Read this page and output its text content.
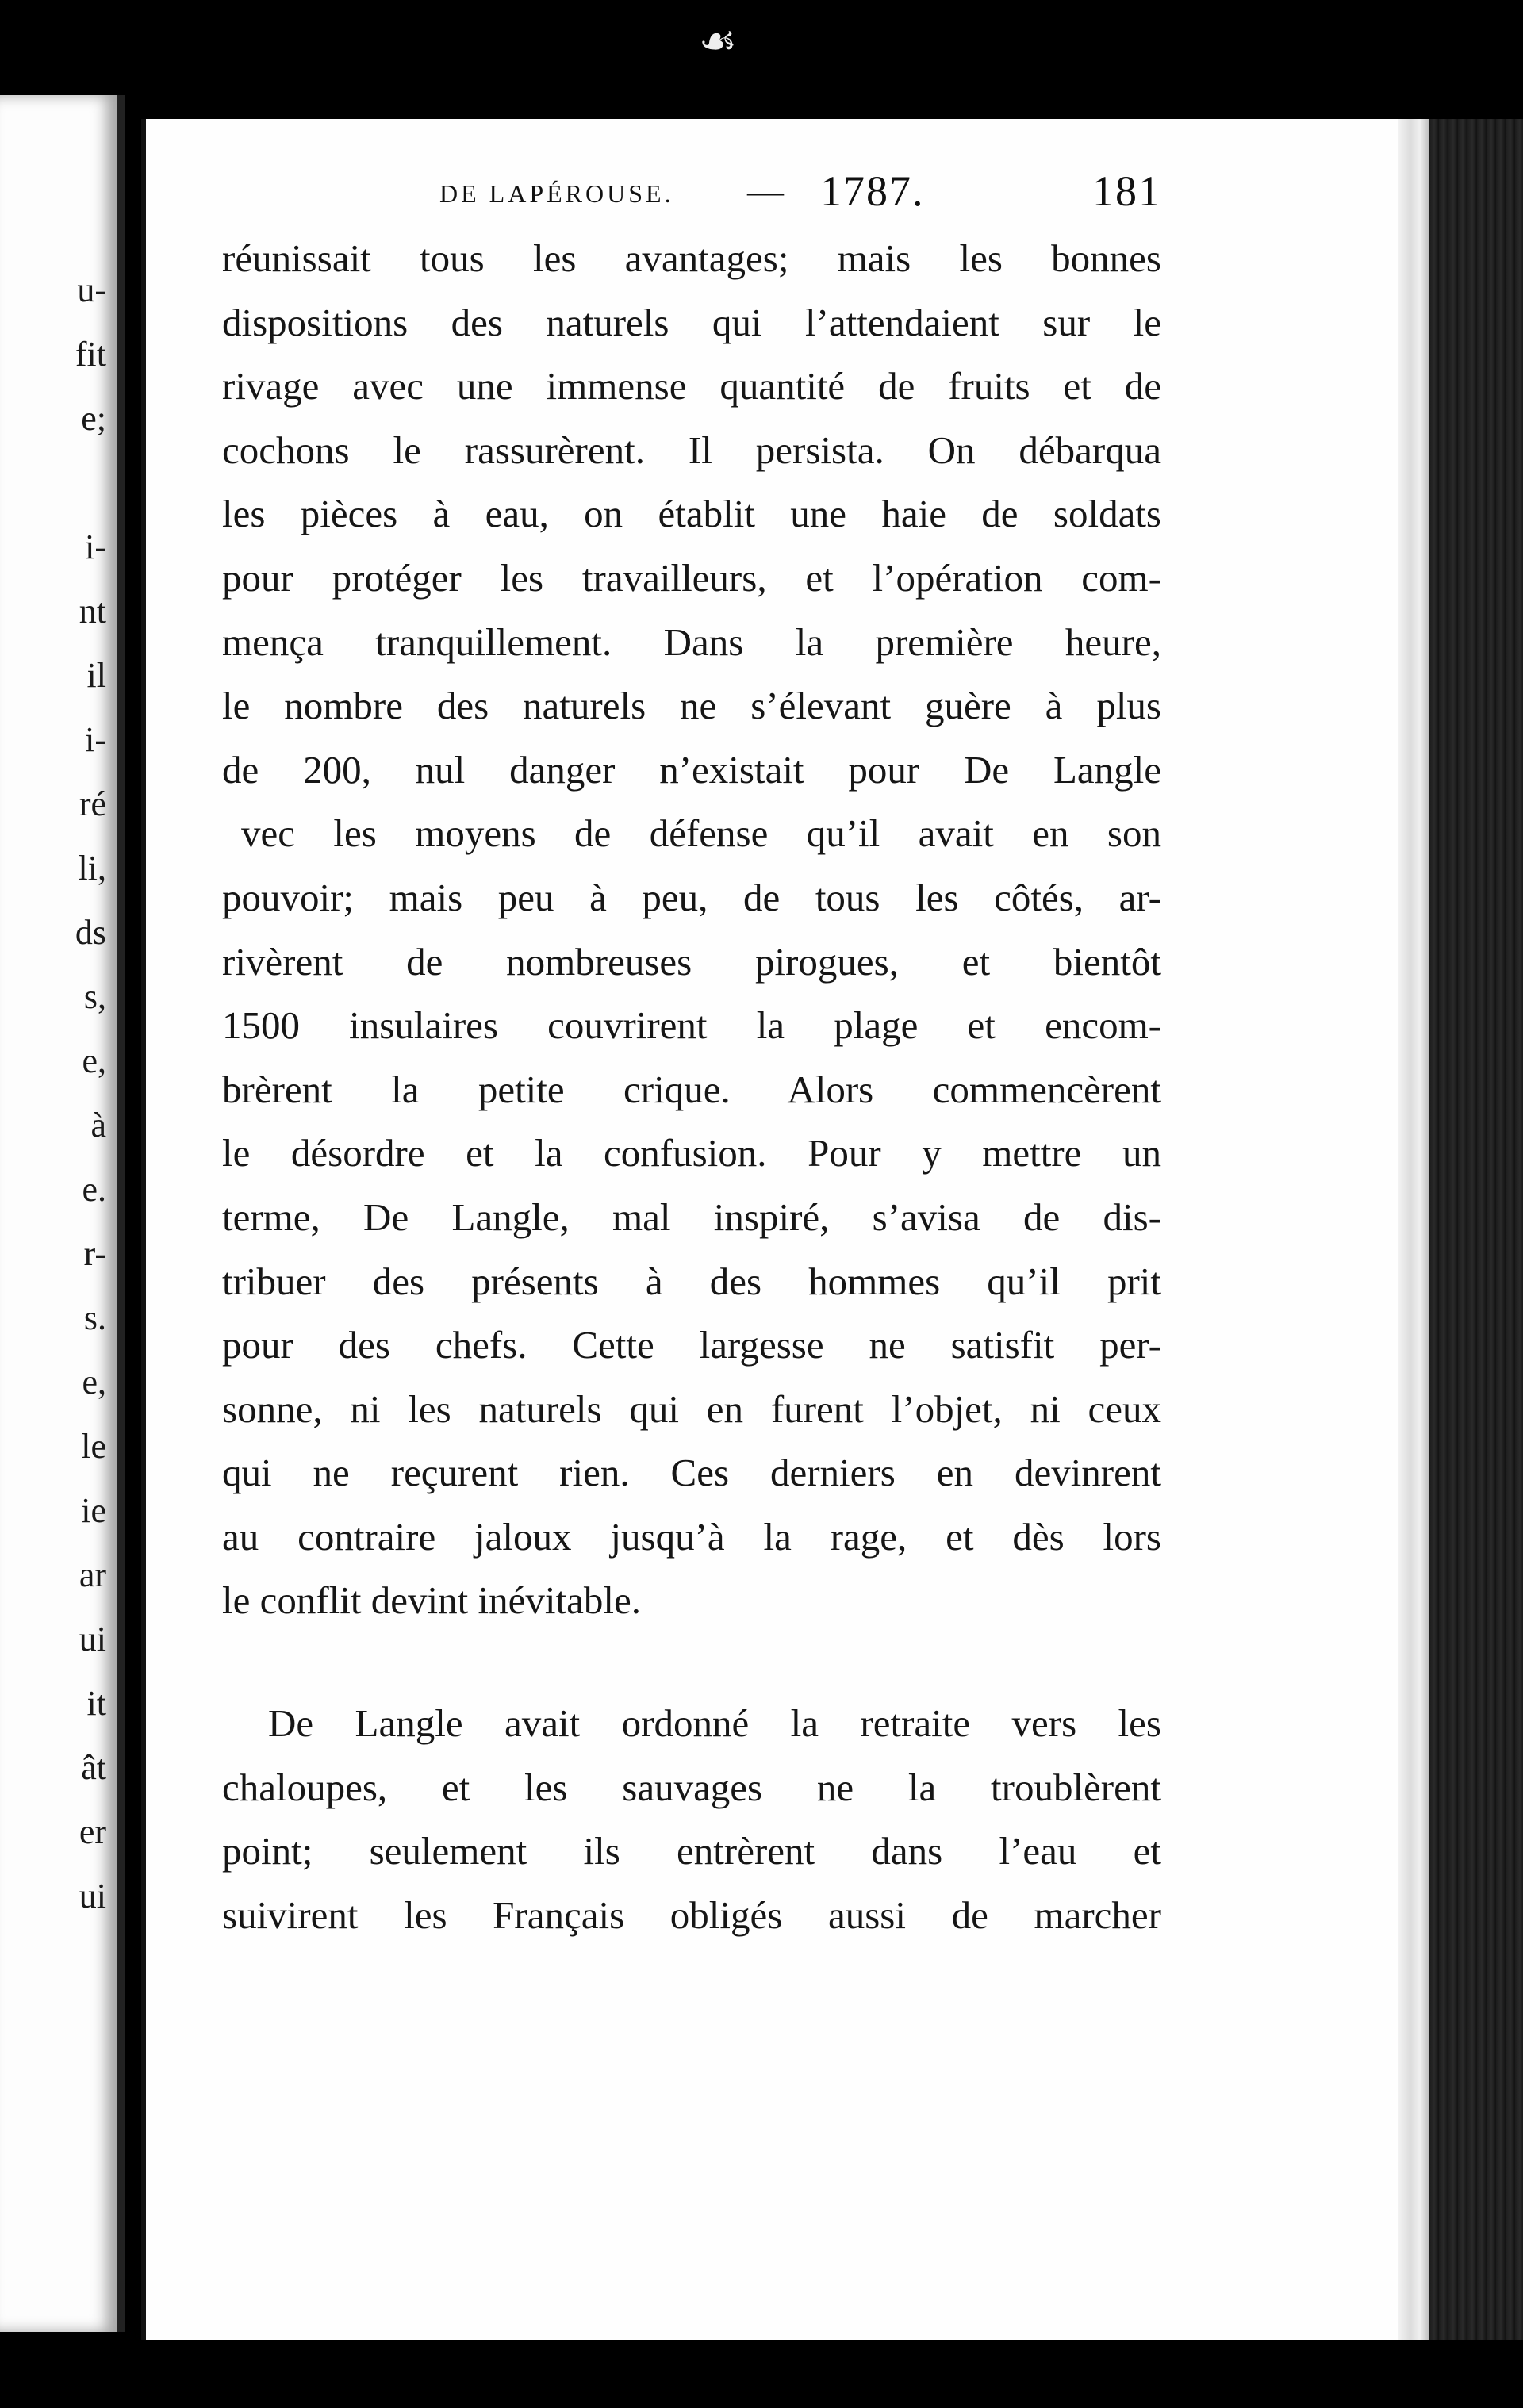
☙
u-
fit
e;
i-
nt
il
i-
ré
li,
ds
s,
e,
à
e.
r-
s.
e,
le
ie
ar
ui
it
ât
er
ui
DE LAPÉROUSE. — 1787.	181
réunissait tous les avantages; mais les bonnes
dispositions des naturels qui l’attendaient sur le
rivage avec une immense quantité de fruits et de
cochons le rassurèrent. Il persista. On débarqua
les pièces à eau, on établit une haie de soldats
pour protéger les travailleurs, et l’opération com-
mença tranquillement. Dans la première heure,
le nombre des naturels ne s’élevant guère à plus
de 200, nul danger n’existait pour De Langle
vec les moyens de défense qu’il avait en son
pouvoir; mais peu à peu, de tous les côtés, ar-
rivèrent de nombreuses pirogues, et bientôt
1500 insulaires couvrirent la plage et encom-
brèrent la petite crique. Alors commencèrent
le désordre et la confusion. Pour y mettre un
terme, De Langle, mal inspiré, s’avisa de dis-
tribuer des présents à des hommes qu’il prit
pour des chefs. Cette largesse ne satisfit per-
sonne, ni les naturels qui en furent l’objet, ni ceux
qui ne reçurent rien. Ces derniers en devinrent
au contraire jaloux jusqu’à la rage, et dès lors
le conflit devint inévitable.
De Langle avait ordonné la retraite vers les
chaloupes, et les sauvages ne la troublèrent
point; seulement ils entrèrent dans l’eau et
suivirent les Français obligés aussi de marcher
